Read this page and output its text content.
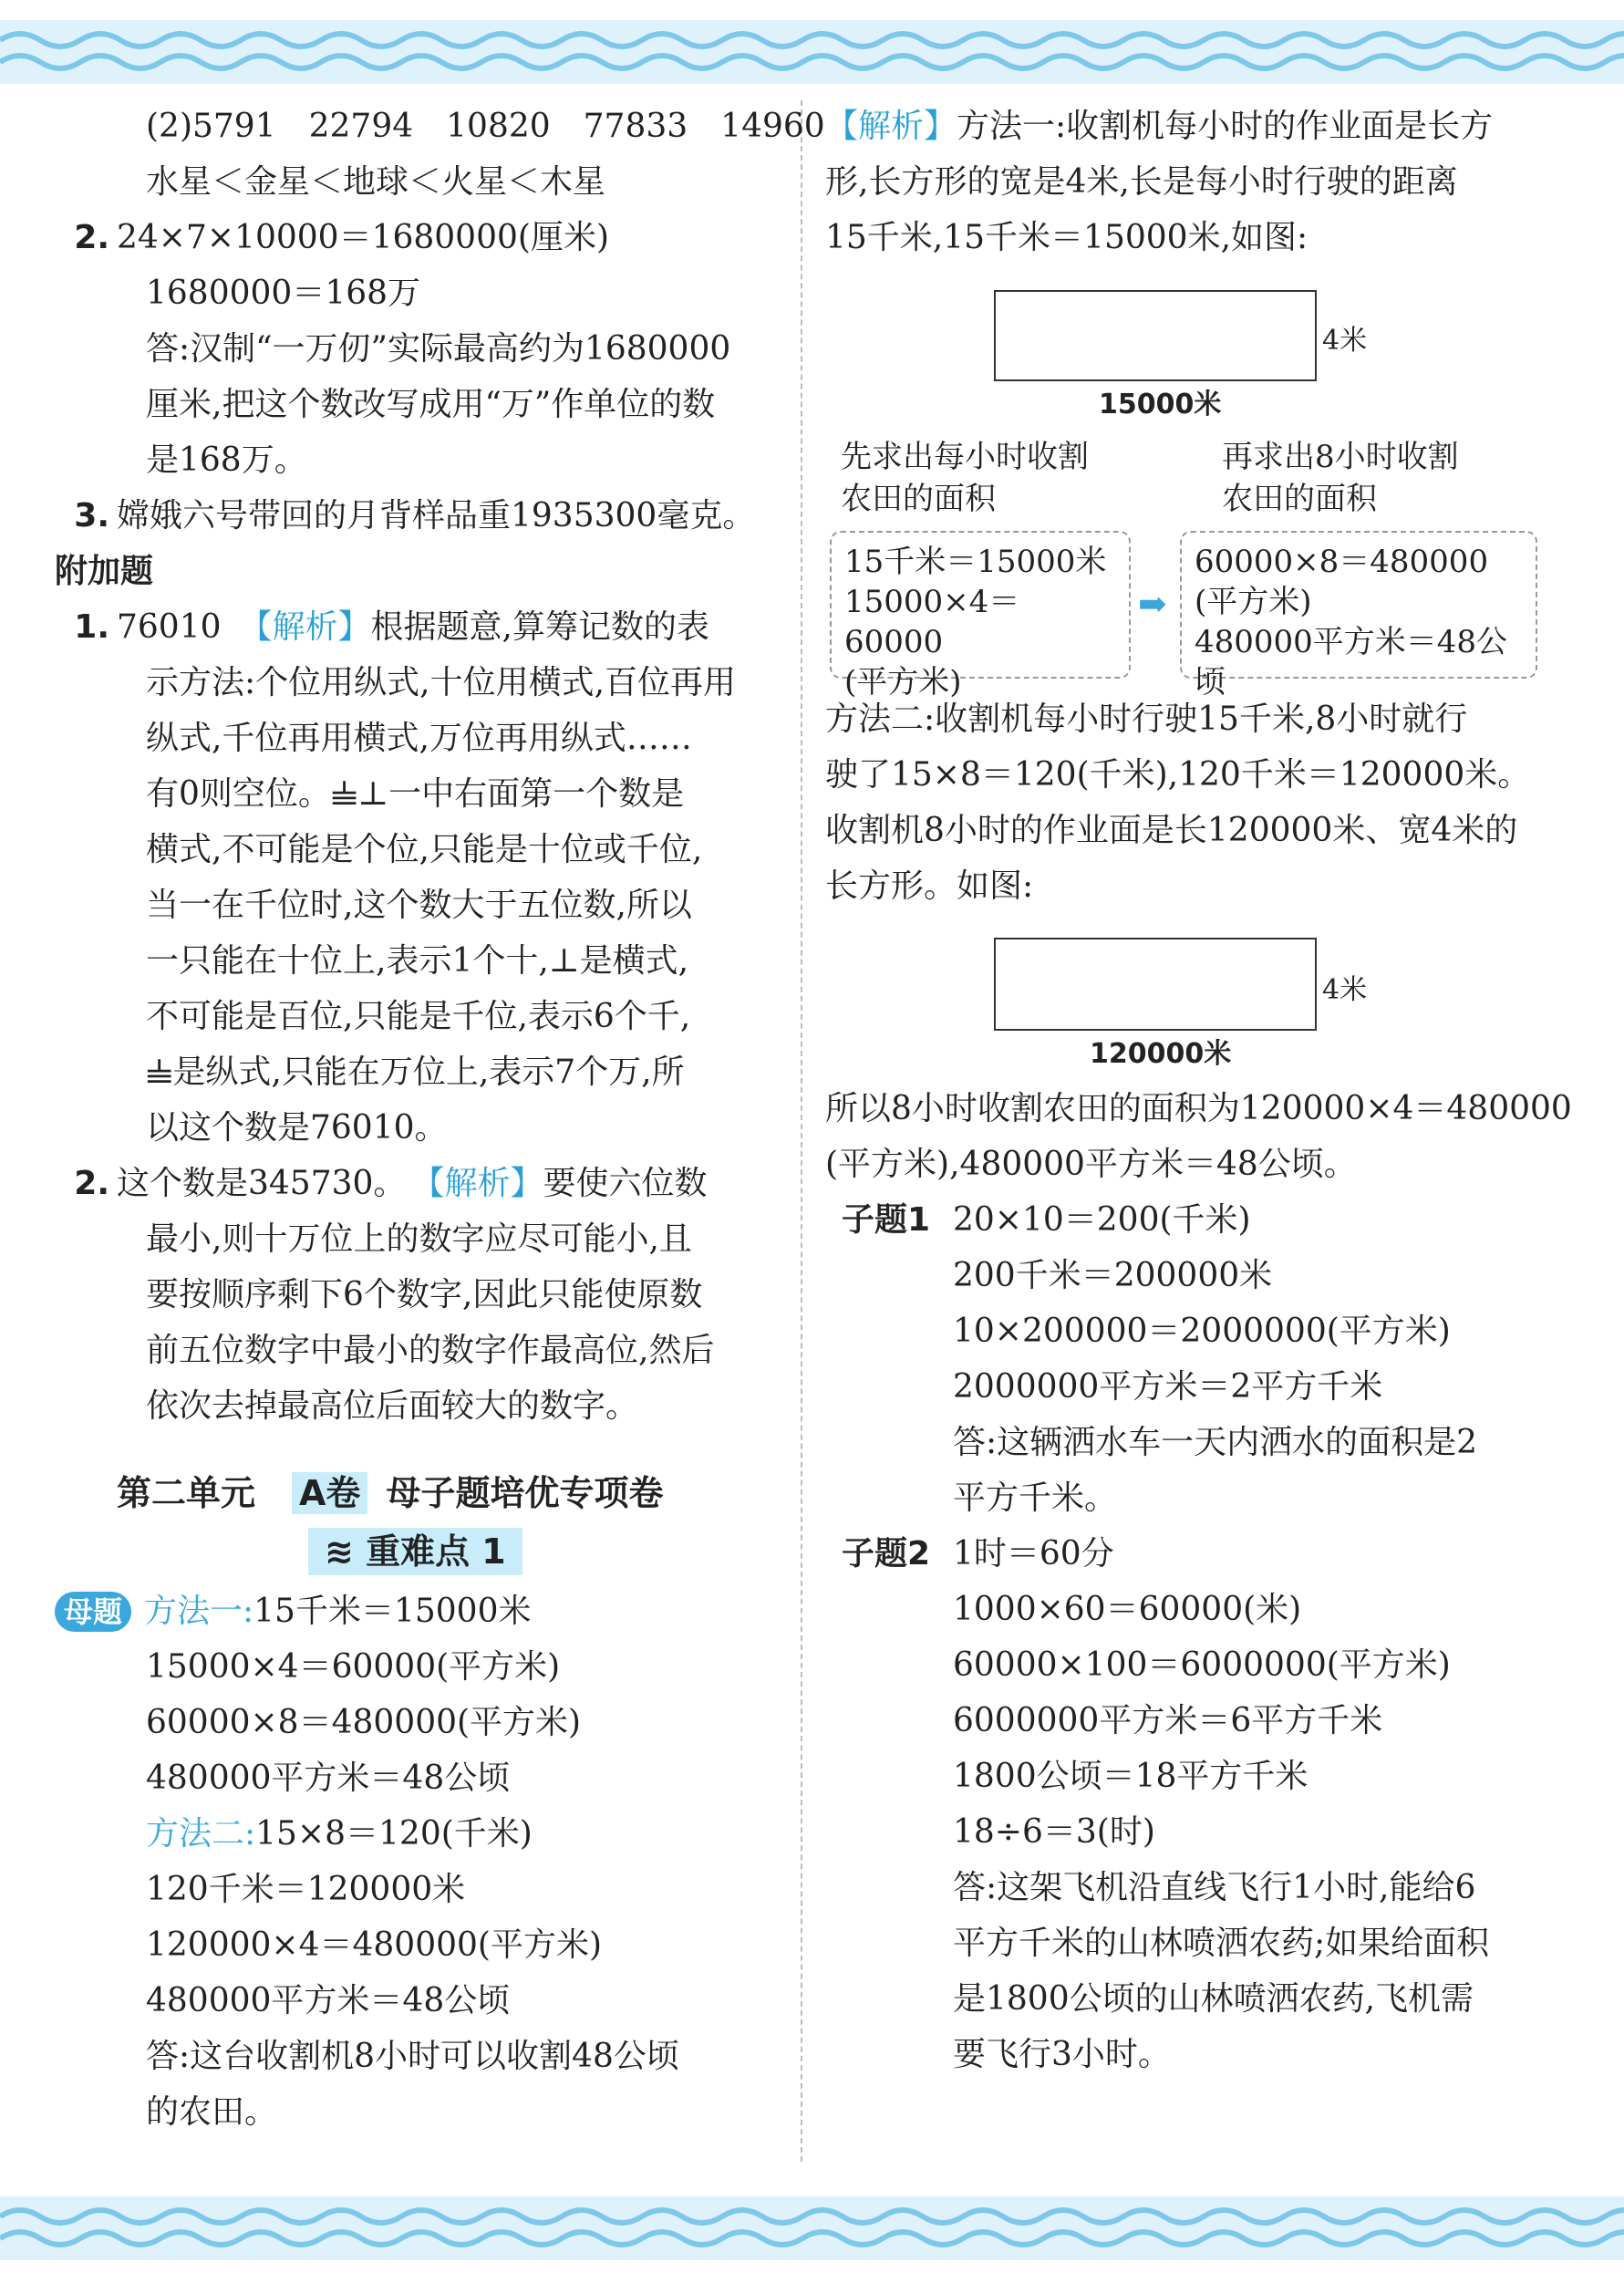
(2)5791　22794　10820　77833　14960
水星＜金星＜地球＜火星＜木星
2. 24×7×10000＝1680000(厘米)
1680000＝168万
答:汉制“一万仞”实际最高约为1680000
厘米,把这个数改写成用“万”作单位的数
是168万。
3. 嫦娥六号带回的月背样品重1935300毫克。
附加题
1. 76010 【解析】根据题意,算筹记数的表
示方法:个位用纵式,十位用横式,百位再用
纵式,千位再用横式,万位再用纵式……
有0则空位。𝍧⊥一中右面第一个数是
横式,不可能是个位,只能是十位或千位,
当一在千位时,这个数大于五位数,所以
一只能在十位上,表示1个十,⊥是横式,
不可能是百位,只能是千位,表示6个千,
𝍧是纵式,只能在万位上,表示7个万,所
以这个数是76010。
2. 这个数是345730。 【解析】要使六位数
最小,则十万位上的数字应尽可能小,且
要按顺序剩下6个数字,因此只能使原数
前五位数字中最小的数字作最高位,然后
依次去掉最高位后面较大的数字。
第二单元 A卷 母子题培优专项卷
≋ 重难点 1
母题 方法一:15千米＝15000米
15000×4＝60000(平方米)
60000×8＝480000(平方米)
480000平方米＝48公顷
方法二:15×8＝120(千米)
120千米＝120000米
120000×4＝480000(平方米)
480000平方米＝48公顷
答:这台收割机8小时可以收割48公顷
的农田。
【解析】方法一:收割机每小时的作业面是长方
形,长方形的宽是4米,长是每小时行驶的距离
15千米,15千米＝15000米,如图:
4米
15000米
先求出每小时收割
农田的面积
再求出8小时收割
农田的面积
15千米＝15000米
15000×4＝60000
(平方米)
➡
60000×8＝480000
(平方米)
480000平方米＝48公顷
方法二:收割机每小时行驶15千米,8小时就行
驶了15×8＝120(千米),120千米＝120000米。
收割机8小时的作业面是长120000米、宽4米的
长方形。如图:
4米
120000米
所以8小时收割农田的面积为120000×4＝480000
(平方米),480000平方米＝48公顷。
子题1 20×10＝200(千米)
200千米＝200000米
10×200000＝2000000(平方米)
2000000平方米＝2平方千米
答:这辆洒水车一天内洒水的面积是2
平方千米。
子题2 1时＝60分
1000×60＝60000(米)
60000×100＝6000000(平方米)
6000000平方米＝6平方千米
1800公顷＝18平方千米
18÷6＝3(时)
答:这架飞机沿直线飞行1小时,能给6
平方千米的山林喷洒农药;如果给面积
是1800公顷的山林喷洒农药,飞机需
要飞行3小时。
